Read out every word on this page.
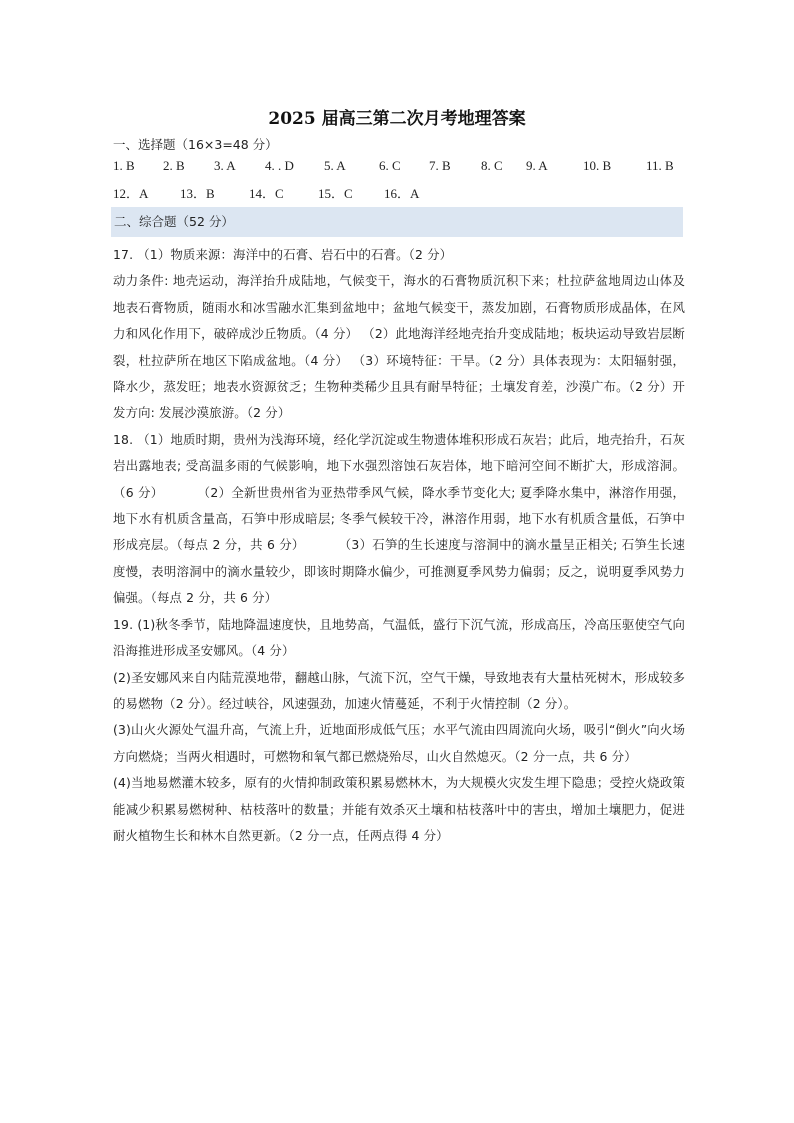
2025 届高三第二次月考地理答案
一、选择题（16×3=48 分）
1. B 2. B 3. A 4. . D 5. A	6. C 7. B 8. C 9. A	10. B	11. B
12．A 13．B	14．C	15．C 16．A
二、综合题（52 分）

17. （1）物质来源：海洋中的石膏、岩石中的石膏。（2 分）

动力条件: 地壳运动，海洋抬升成陆地，气候变干，海水的石膏物质沉积下来；杜拉萨盆地周边山体及地表石膏物质，随雨水和冰雪融水汇集到盆地中；盆地气候变干，蒸发加剧，石膏物质形成晶体，在风力和风化作用下，破碎成沙丘物质。（4 分） （2）此地海洋经地壳抬升变成陆地；板块运动导致岩层断裂，杜拉萨所在地区下陷成盆地。（4 分） （3）环境特征：干旱。（2 分）具体表现为：太阳辐射强，降水少，蒸发旺；地表水资源贫乏；生物种类稀少且具有耐旱特征；土壤发育差，沙漠广布。（2 分）开发方向: 发展沙漠旅游。（2 分）

18. （1）地质时期，贵州为浅海环境，经化学沉淀或生物遗体堆积形成石灰岩；此后，地壳抬升，石灰岩出露地表; 受高温多雨的气候影响，地下水强烈溶蚀石灰岩体，地下暗河空间不断扩大，形成溶洞。（6 分）	（2）全新世贵州省为亚热带季风气候，降水季节变化大; 夏季降水集中，淋溶作用强，地下水有机质含量高，石笋中形成暗层; 冬季气候较干冷，淋溶作用弱，地下水有机质含量低，石笋中形成亮层。（每点 2 分，共 6 分）	（3）石笋的生长速度与溶洞中的滴水量呈正相关; 石笋生长速度慢，表明溶洞中的滴水量较少，即该时期降水偏少，可推测夏季风势力偏弱；反之，说明夏季风势力偏强。（每点 2 分，共 6 分）

19. (1)秋冬季节，陆地降温速度快，且地势高，气温低，盛行下沉气流，形成高压，冷高压驱使空气向沿海推进形成圣安娜风。（4 分）

(2)圣安娜风来自内陆荒漠地带，翻越山脉，气流下沉，空气干燥，导致地表有大量枯死树木，形成较多的易燃物（2 分）。经过峡谷，风速强劲，加速火情蔓延，不利于火情控制（2 分）。

(3)山火火源处气温升高，气流上升，近地面形成低气压；水平气流由四周流向火场，吸引“倒火”向火场方向燃烧；当两火相遇时，可燃物和氧气都已燃烧殆尽，山火自然熄灭。（2 分一点，共 6 分）

(4)当地易燃灌木较多，原有的火情抑制政策积累易燃林木，为大规模火灾发生埋下隐患；受控火烧政策能减少积累易燃树种、枯枝落叶的数量；并能有效杀灭土壤和枯枝落叶中的害虫，增加土壤肥力，促进耐火植物生长和林木自然更新。（2 分一点，任两点得 4 分）
